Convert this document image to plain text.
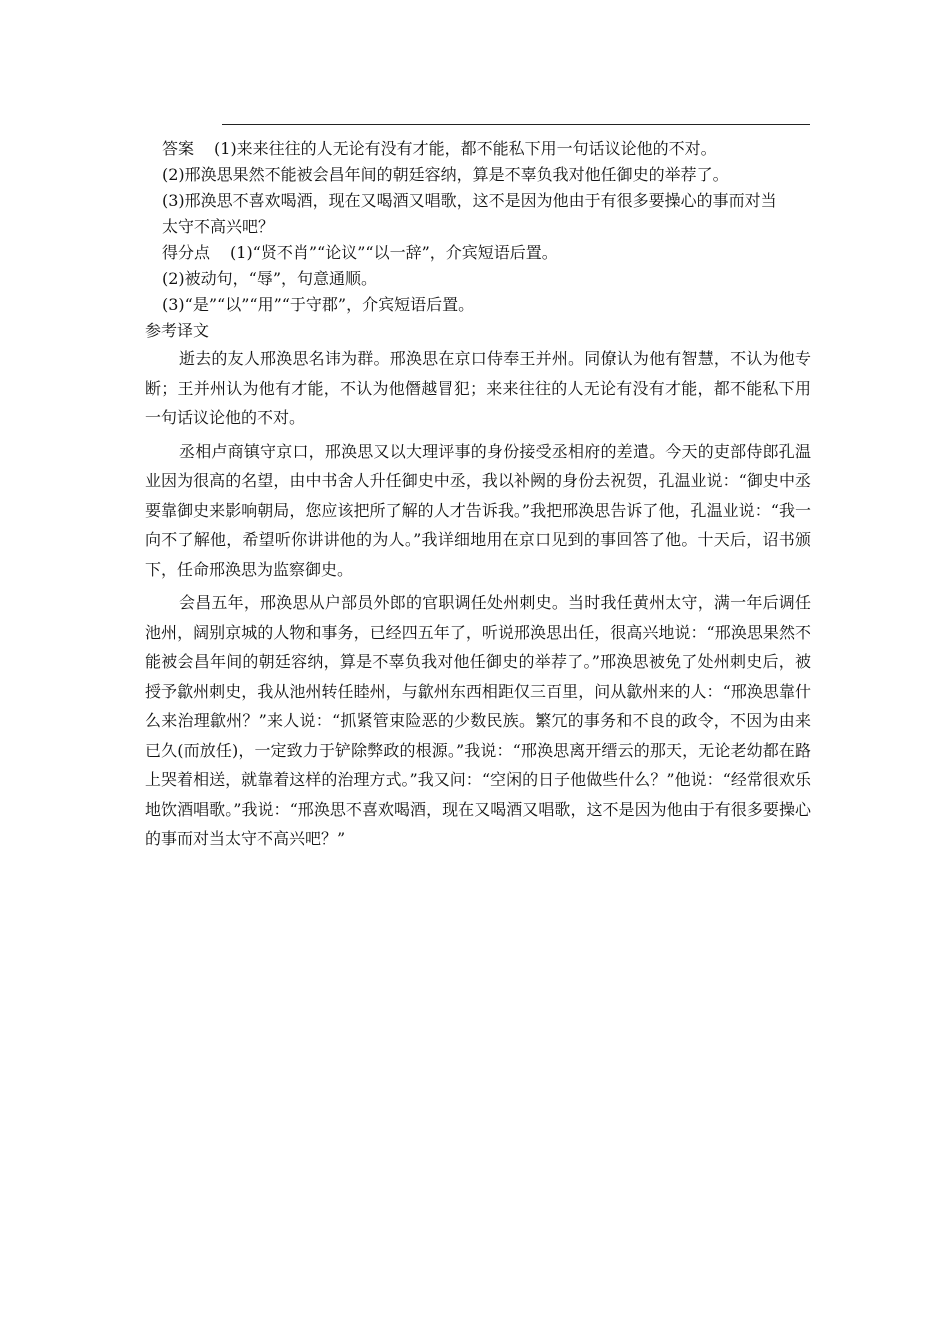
答案 (1)来来往往的人无论有没有才能，都不能私下用一句话议论他的不对。
(2)邢涣思果然不能被会昌年间的朝廷容纳，算是不辜负我对他任御史的举荐了。
(3)邢涣思不喜欢喝酒，现在又喝酒又唱歌，这不是因为他由于有很多要操心的事而对当
太守不高兴吧？
得分点 (1)“贤不肖”“论议”“以一辞”，介宾短语后置。
(2)被动句，“辱”，句意通顺。
(3)“是”“以”“用”“于守郡”，介宾短语后置。
参考译文

逝去的友人邢涣思名讳为群。邢涣思在京口侍奉王并州。同僚认为他有智慧，不认为他专断；王并州认为他有才能，不认为他僭越冒犯；来来往往的人无论有没有才能，都不能私下用一句话议论他的不对。

丞相卢商镇守京口，邢涣思又以大理评事的身份接受丞相府的差遣。今天的吏部侍郎孔温业因为很高的名望，由中书舍人升任御史中丞，我以补阙的身份去祝贺，孔温业说：“御史中丞要靠御史来影响朝局，您应该把所了解的人才告诉我。”我把邢涣思告诉了他，孔温业说：“我一向不了解他，希望听你讲讲他的为人。”我详细地用在京口见到的事回答了他。十天后，诏书颁下，任命邢涣思为监察御史。

会昌五年，邢涣思从户部员外郎的官职调任处州刺史。当时我任黄州太守，满一年后调任池州，阔别京城的人物和事务，已经四五年了，听说邢涣思出任，很高兴地说：“邢涣思果然不能被会昌年间的朝廷容纳，算是不辜负我对他任御史的举荐了。”邢涣思被免了处州刺史后，被授予歙州刺史，我从池州转任睦州，与歙州东西相距仅三百里，问从歙州来的人：“邢涣思靠什么来治理歙州？”来人说：“抓紧管束险恶的少数民族。繁冗的事务和不良的政令，不因为由来已久(而放任)，一定致力于铲除弊政的根源。”我说：“邢涣思离开缙云的那天，无论老幼都在路上哭着相送，就靠着这样的治理方式。”我又问：“空闲的日子他做些什么？”他说：“经常很欢乐地饮酒唱歌。”我说：“邢涣思不喜欢喝酒，现在又喝酒又唱歌，这不是因为他由于有很多要操心的事而对当太守不高兴吧？”
